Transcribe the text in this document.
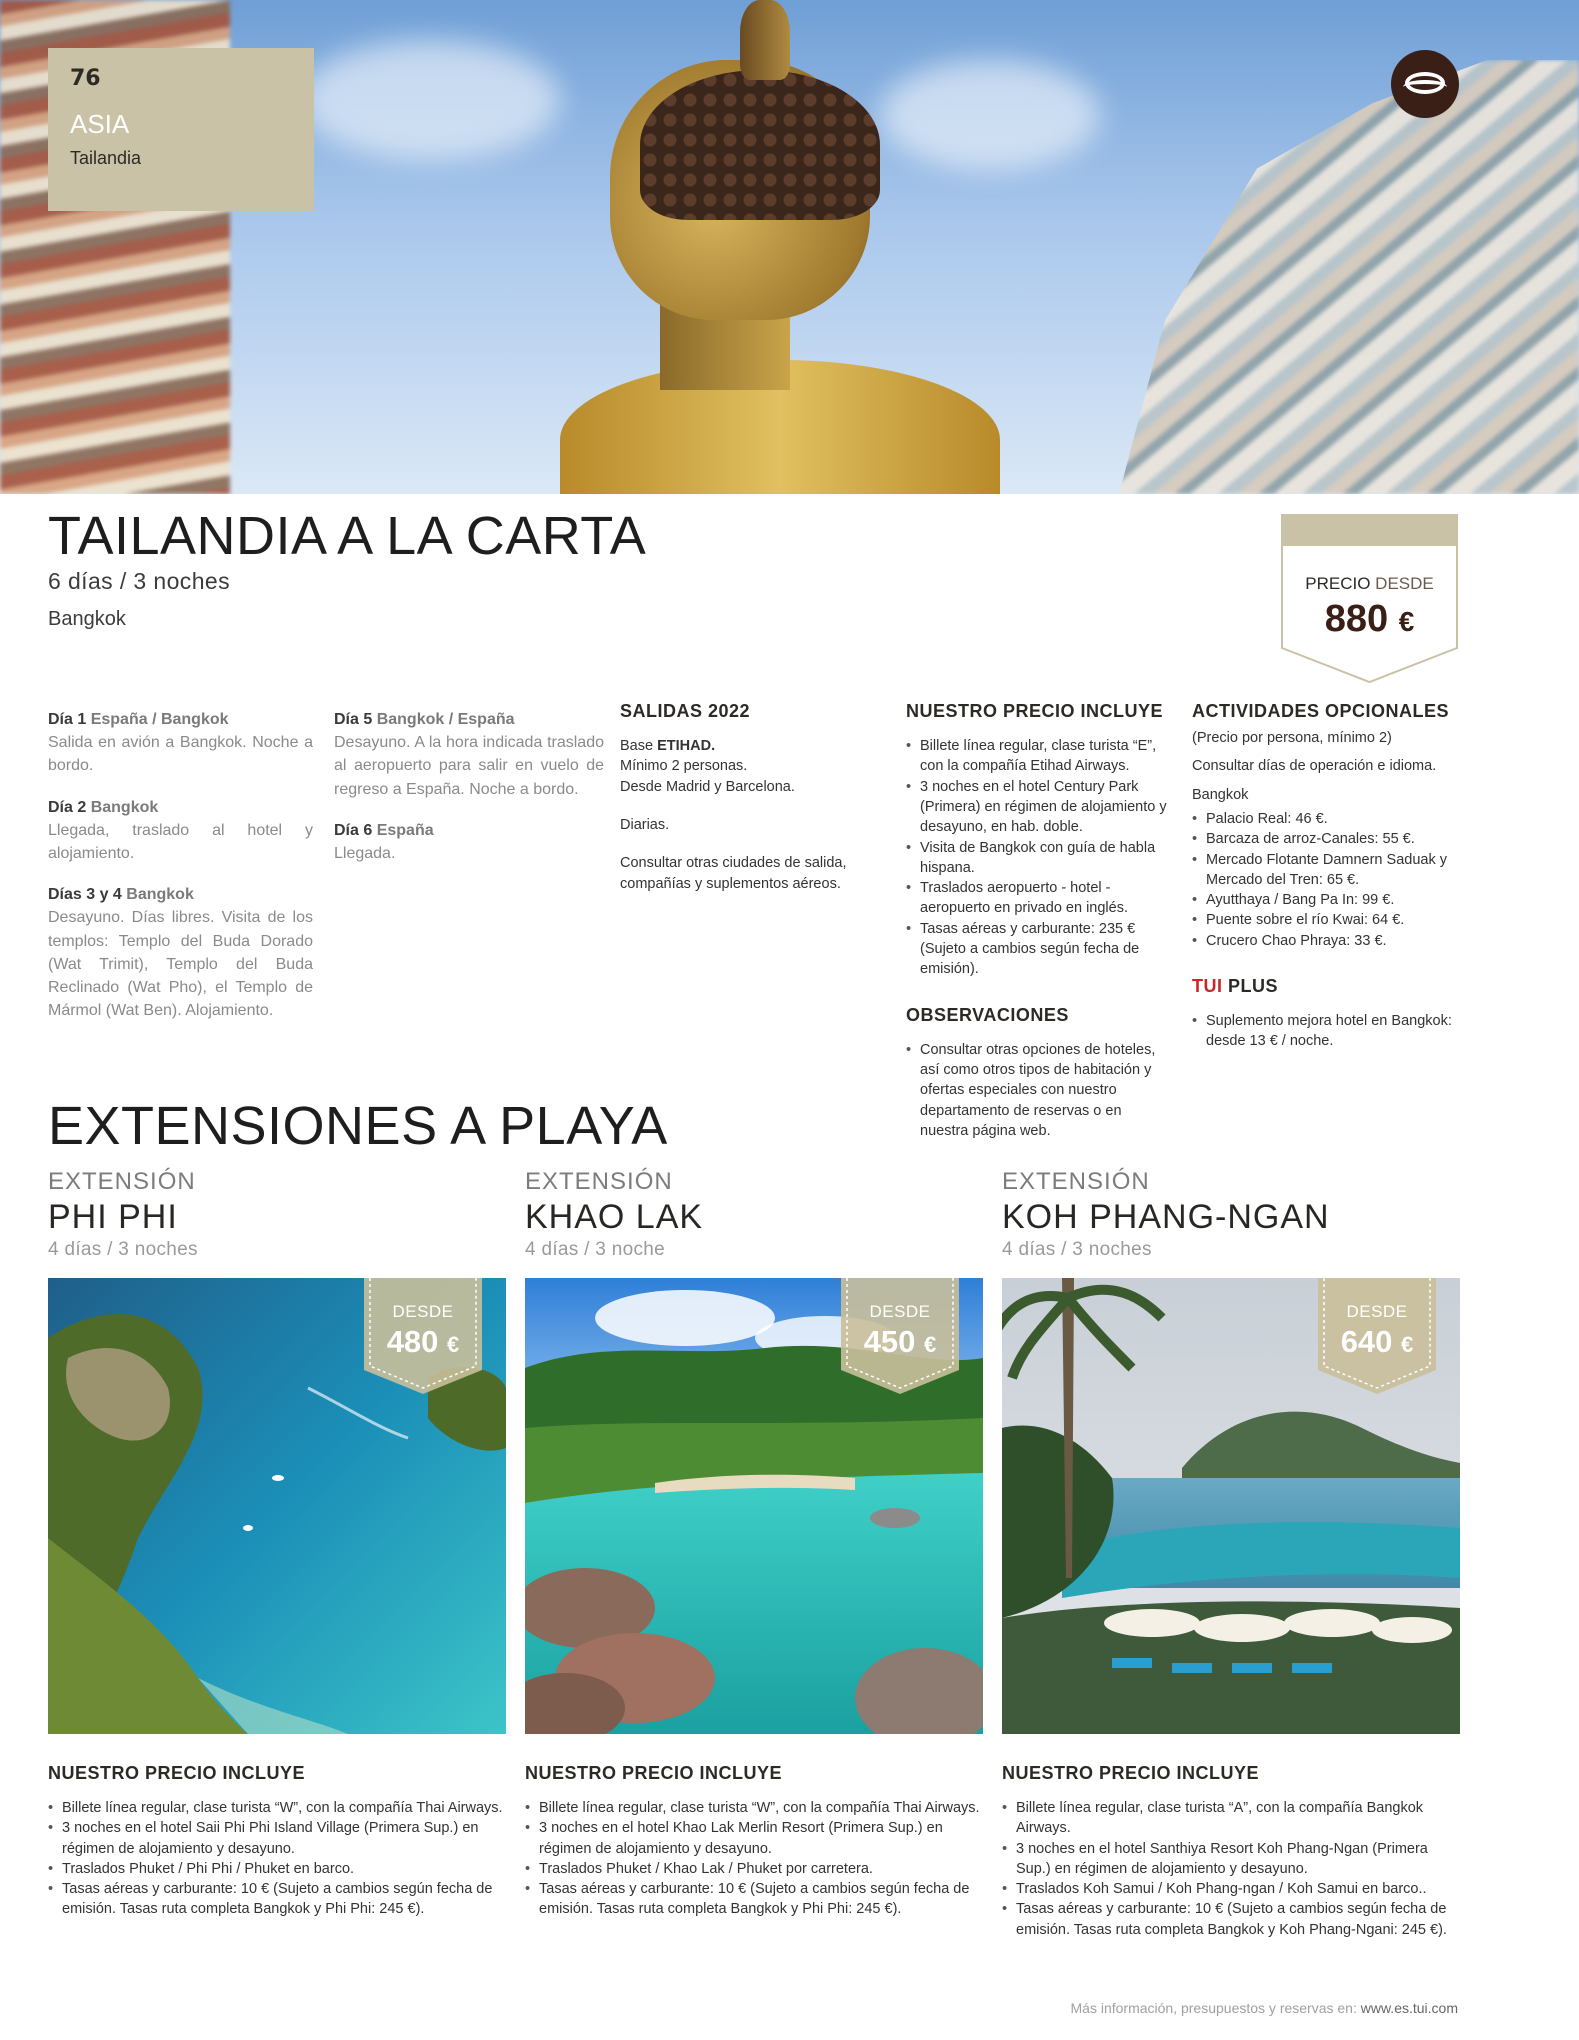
76
ASIA
Tailandia
TAILANDIA A LA CARTA
6 días / 3 noches
Bangkok
PRECIO DESDE
880 €
Día 1 España / Bangkok
Salida en avión a Bangkok. Noche a bordo.
Día 2 Bangkok
Llegada, traslado al hotel y alojamiento.
Días 3 y 4 Bangkok
Desayuno. Días libres. Visita de los templos: Templo del Buda Dorado (Wat Trimit), Templo del Buda Reclinado (Wat Pho), el Templo de Mármol (Wat Ben). Alojamiento.
Día 5 Bangkok / España
Desayuno. A la hora indicada traslado al aeropuerto para salir en vuelo de regreso a España. Noche a bordo.
Día 6 España
Llegada.
SALIDAS 2022

Base ETIHAD.

Mínimo 2 personas.

Desde Madrid y Barcelona.

Diarias.

Consultar otras ciudades de salida, compañías y suplementos aéreos.

NUESTRO PRECIO INCLUYE
• Billete línea regular, clase turista “E”, con la compañía Etihad Airways.
• 3 noches en el hotel Century Park (Primera) en régimen de alojamiento y desayuno, en hab. doble.
• Visita de Bangkok con guía de habla hispana.
• Traslados aeropuerto - hotel - aeropuerto en privado en inglés.
• Tasas aéreas y carburante: 235 € (Sujeto a cambios según fecha de emisión).
OBSERVACIONES
• Consultar otras opciones de hoteles, así como otros tipos de habitación y ofertas especiales con nuestro departamento de reservas o en nuestra página web.
ACTIVIDADES OPCIONALES

(Precio por persona, mínimo 2)

Consultar días de operación e idioma.

Bangkok

• Palacio Real: 46 €.
• Barcaza de arroz-Canales: 55 €.
• Mercado Flotante Damnern Saduak y Mercado del Tren: 65 €.
• Ayutthaya / Bang Pa In: 99 €.
• Puente sobre el río Kwai: 64 €.
• Crucero Chao Phraya: 33 €.
TUI PLUS
• Suplemento mejora hotel en Bangkok: desde 13 € / noche.
EXTENSIONES A PLAYA
EXTENSIÓN
PHI PHI
4 días / 3 noches
DESDE
480 €
NUESTRO PRECIO INCLUYE
• Billete línea regular, clase turista “W”, con la compañía Thai Airways.
• 3 noches en el hotel Saii Phi Phi Island Village (Primera Sup.) en régimen de alojamiento y desayuno.
• Traslados Phuket / Phi Phi / Phuket en barco.
• Tasas aéreas y carburante: 10 € (Sujeto a cambios según fecha de emisión. Tasas ruta completa Bangkok y Phi Phi: 245 €).
EXTENSIÓN
KHAO LAK
4 días / 3 noche
DESDE
450 €
NUESTRO PRECIO INCLUYE
• Billete línea regular, clase turista “W”, con la compañía Thai Airways.
• 3 noches en el hotel Khao Lak Merlin Resort (Primera Sup.) en régimen de alojamiento y desayuno.
• Traslados Phuket / Khao Lak / Phuket por carretera.
• Tasas aéreas y carburante: 10 € (Sujeto a cambios según fecha de emisión. Tasas ruta completa Bangkok y Phi Phi: 245 €).
EXTENSIÓN
KOH PHANG-NGAN
4 días / 3 noches
DESDE
640 €
NUESTRO PRECIO INCLUYE
• Billete línea regular, clase turista “A”, con la compañía Bangkok Airways.
• 3 noches en el hotel Santhiya Resort Koh Phang-Ngan (Primera Sup.) en régimen de alojamiento y desayuno.
• Traslados Koh Samui / Koh Phang-ngan / Koh Samui en barco..
• Tasas aéreas y carburante: 10 € (Sujeto a cambios según fecha de emisión. Tasas ruta completa Bangkok y Koh Phang-Ngani: 245 €).
Más información, presupuestos y reservas en: www.es.tui.com
